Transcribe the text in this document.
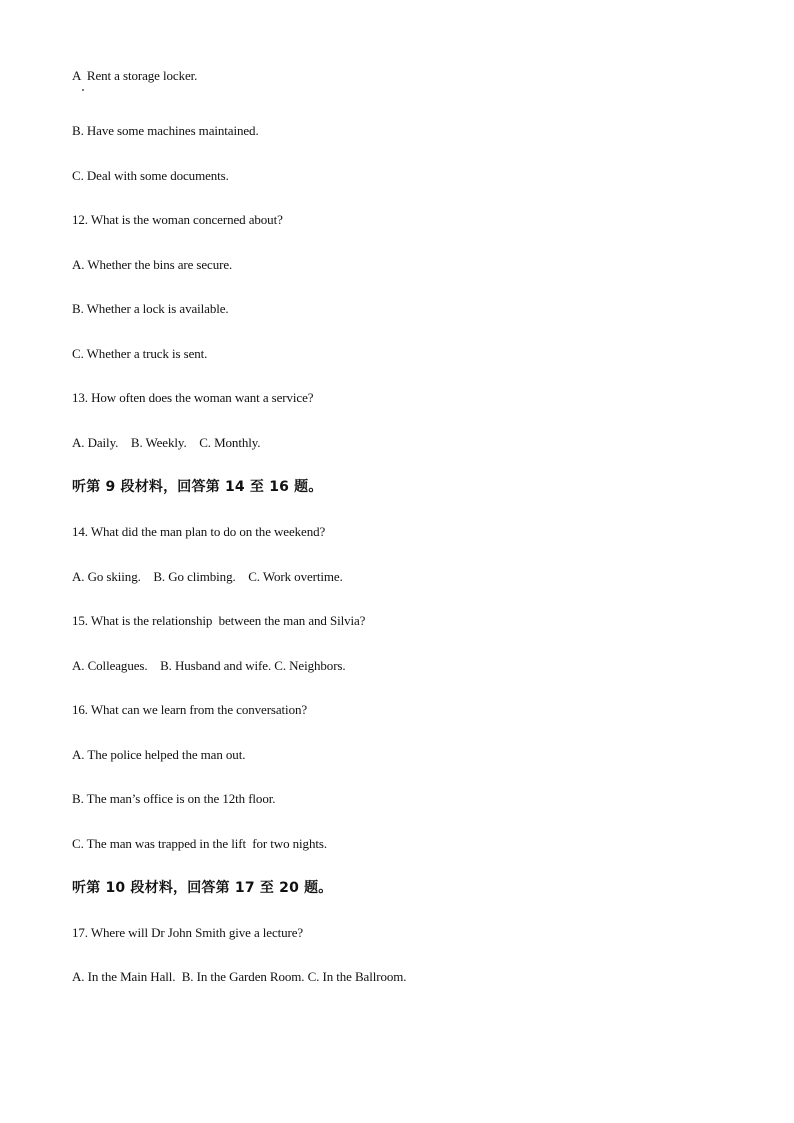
A  Rent a storage locker.
B. Have some machines maintained.
C. Deal with some documents.
12. What is the woman concerned about?
A. Whether the bins are secure.
B. Whether a lock is available.
C. Whether a truck is sent.
13. How often does the woman want a service?
A. Daily.    B. Weekly.    C. Monthly.
听第 9 段材料，回答第 14 至 16 题。
14. What did the man plan to do on the weekend?
A. Go skiing.    B. Go climbing.    C. Work overtime.
15. What is the relationship  between the man and Silvia?
A. Colleagues.    B. Husband and wife. C. Neighbors.
16. What can we learn from the conversation?
A. The police helped the man out.
B. The man’s office is on the 12th floor.
C. The man was trapped in the lift  for two nights.
听第 10 段材料，回答第 17 至 20 题。
17. Where will Dr John Smith give a lecture?
A. In the Main Hall.  B. In the Garden Room. C. In the Ballroom.
